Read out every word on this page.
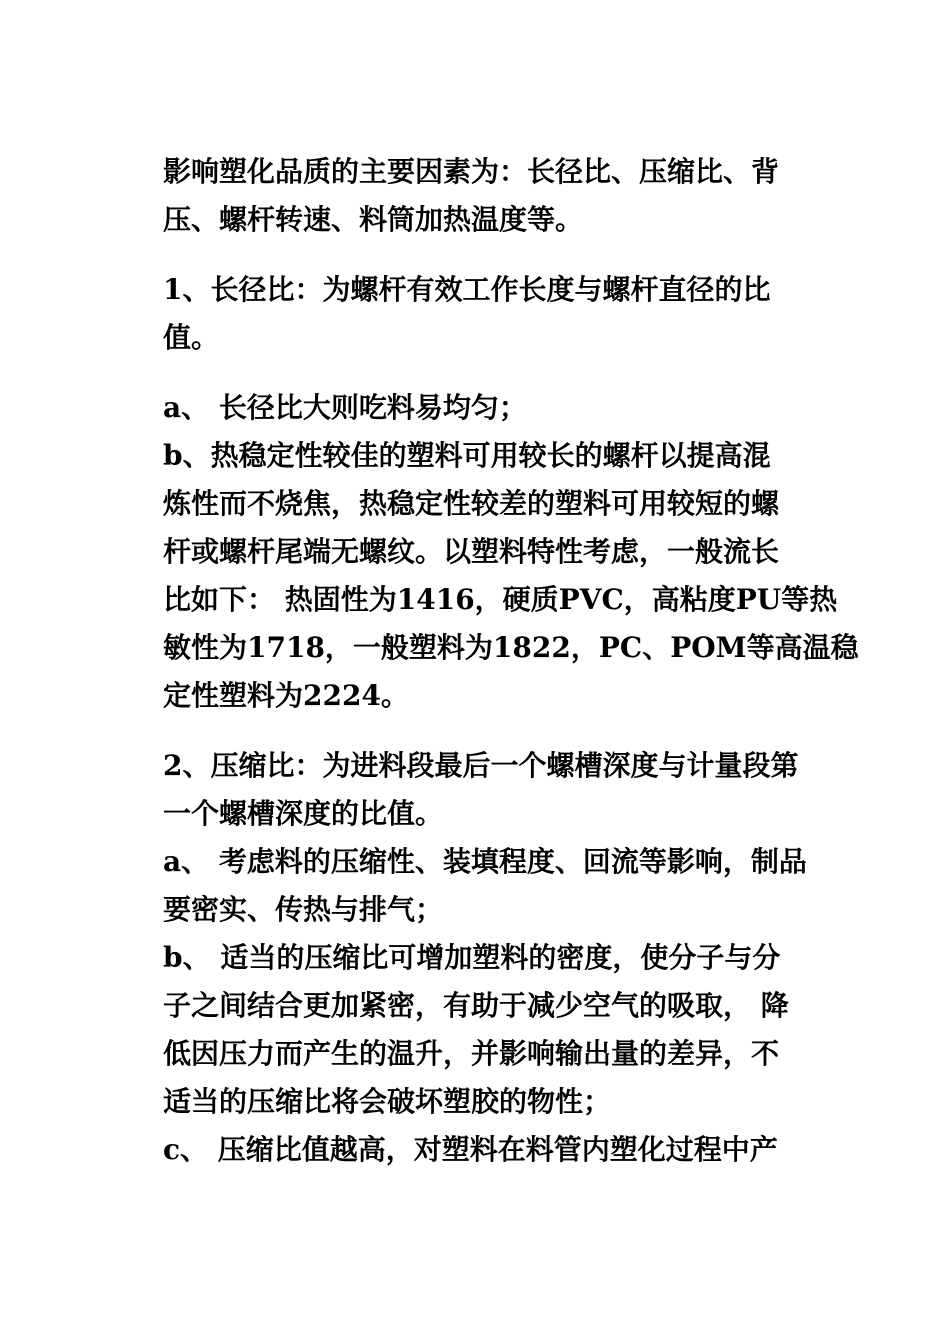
影响塑化品质的主要因素为：长径比、压缩比、背
压、螺杆转速、料筒加热温度等。
1、长径比：为螺杆有效工作长度与螺杆直径的比
值。
a、 长径比大则吃料易均匀；
b、热稳定性较佳的塑料可用较长的螺杆以提高混
炼性而不烧焦，热稳定性较差的塑料可用较短的螺
杆或螺杆尾端无螺纹。以塑料特性考虑，一般流长
比如下： 热固性为1416，硬质PVC，高粘度PU等热
敏性为1718，一般塑料为1822，PC、POM等高温稳
定性塑料为2224。
2、压缩比：为进料段最后一个螺槽深度与计量段第
一个螺槽深度的比值。
a、 考虑料的压缩性、装填程度、回流等影响，制品
要密实、传热与排气；
b、 适当的压缩比可增加塑料的密度，使分子与分
子之间结合更加紧密，有助于减少空气的吸取， 降
低因压力而产生的温升，并影响输出量的差异，不
适当的压缩比将会破坏塑胶的物性；
c、 压缩比值越高，对塑料在料管内塑化过程中产
